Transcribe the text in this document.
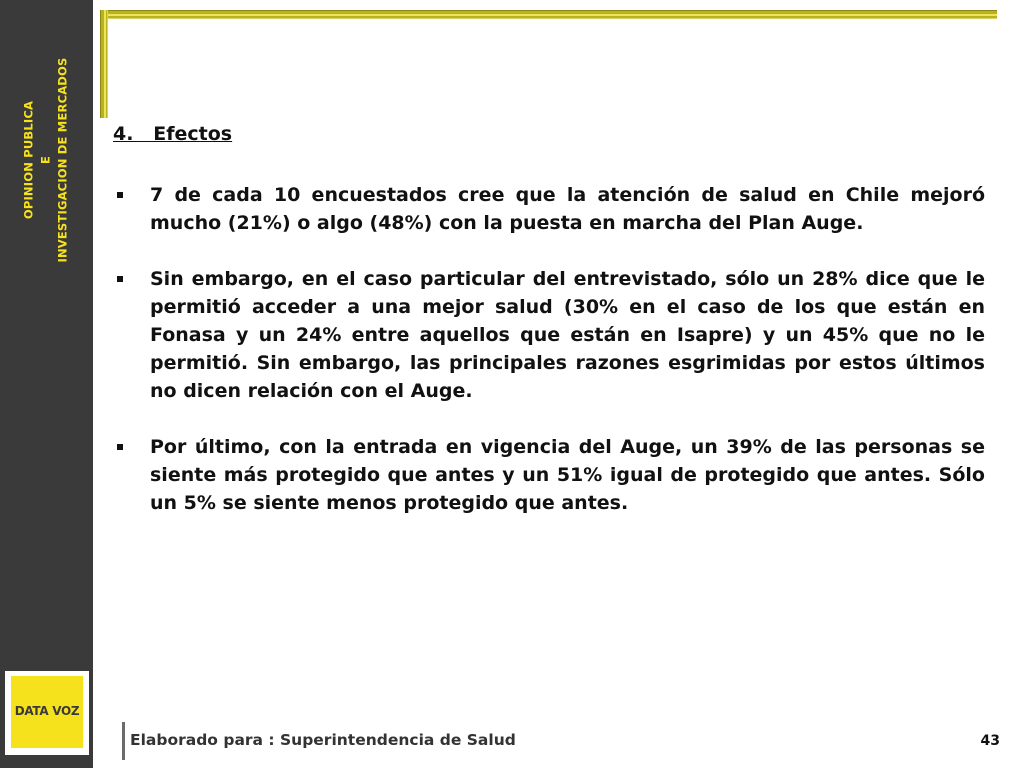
OPINION PUBLICA E INVESTIGACION DE MERCADOS
DATA VOZ
4.   Efectos
7 de cada 10 encuestados cree que la atención de salud en Chile mejoró mucho (21%) o algo (48%) con la puesta en marcha del Plan Auge.
Sin embargo, en el caso particular del entrevistado, sólo un 28% dice que le permitió acceder a una mejor salud (30% en el caso de los que están en Fonasa y un 24% entre aquellos que están en Isapre) y un 45% que no le permitió. Sin embargo, las principales razones esgrimidas por estos últimos no dicen relación con el Auge.
Por último, con la entrada en vigencia del Auge, un 39% de las personas se siente más protegido que antes y un 51% igual de protegido que antes. Sólo un 5% se siente menos protegido que antes.
Elaborado para : Superintendencia de Salud	43
